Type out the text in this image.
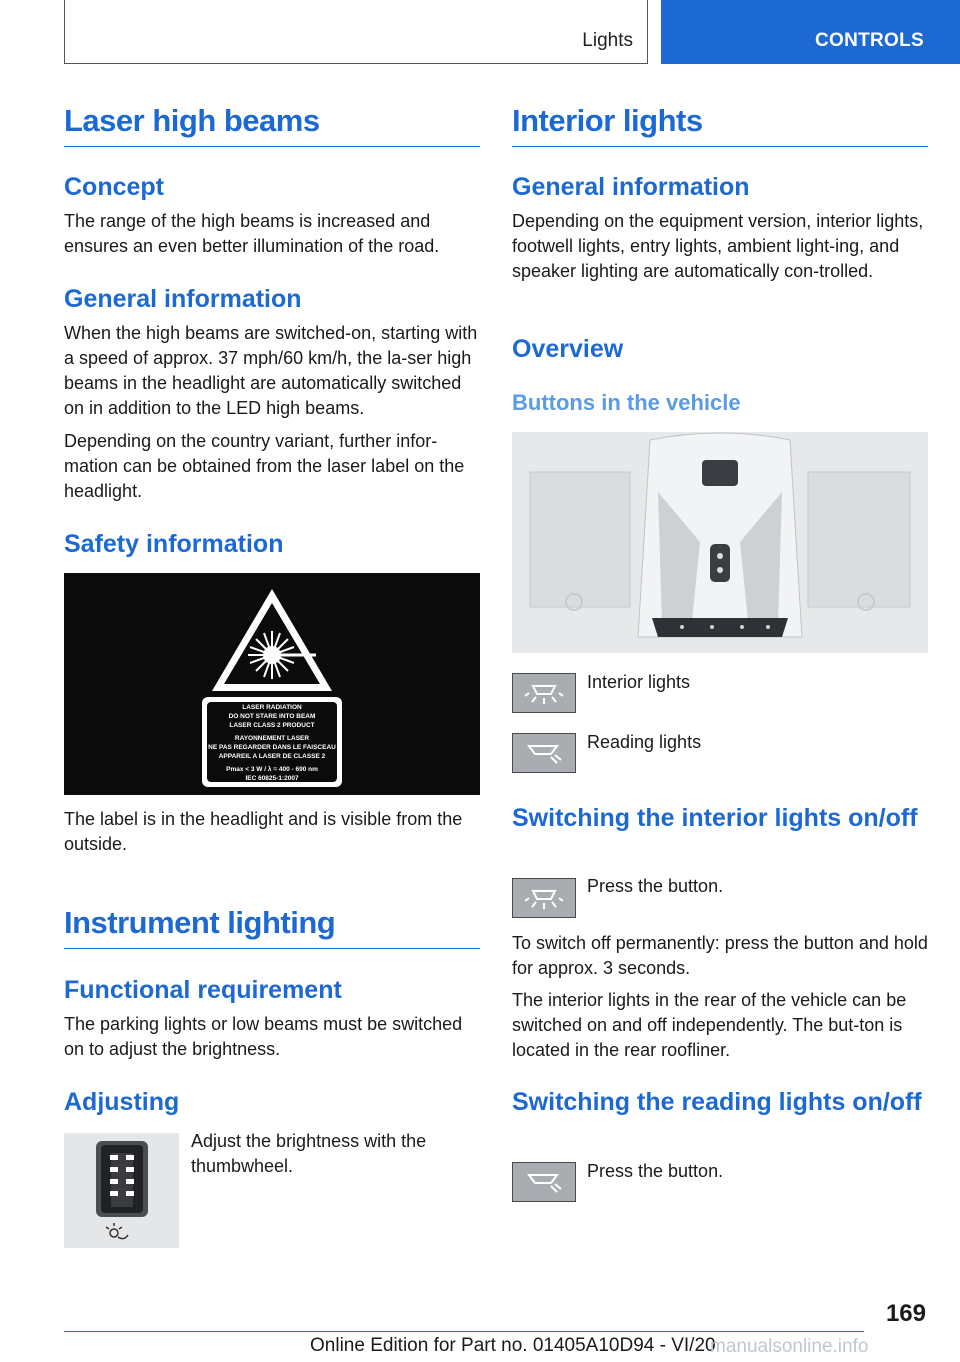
Lights	CONTROLS
Laser high beams
Concept

The range of the high beams is increased and ensures an even better illumination of the road.

General information

When the high beams are switched-on, starting with a speed of approx. 37 mph/60 km/h, the la‐ser high beams in the headlight are automatically switched on in addition to the LED high beams.

Depending on the country variant, further infor‐mation can be obtained from the laser label on the headlight.

Safety information
LASER RADIATION
DO NOT STARE INTO BEAM
LASER CLASS 2 PRODUCT
RAYONNEMENT LASER
NE PAS REGARDER DANS LE FAISCEAU
APPAREIL A LASER DE CLASSE 2
Pmax < 3 W / λ = 400 - 690 nm
IEC 60825-1:2007

The label is in the headlight and is visible from the outside.

Instrument lighting
Functional requirement

The parking lights or low beams must be switched on to adjust the brightness.

Adjusting

Adjust the brightness with the thumbwheel.

Interior lights
General information

Depending on the equipment version, interior lights, footwell lights, entry lights, ambient light‐ing, and speaker lighting are automatically con‐trolled.

Overview
Buttons in the vehicle

Interior lights

Reading lights

Switching the interior lights on/off

Press the button.

To switch off permanently: press the button and hold for approx. 3 seconds.

The interior lights in the rear of the vehicle can be switched on and off independently. The but‐ton is located in the rear roofliner.

Switching the reading lights on/off

Press the button.

169
Online Edition for Part no. 01405A10D94 - VI/20
manualsonline.info
